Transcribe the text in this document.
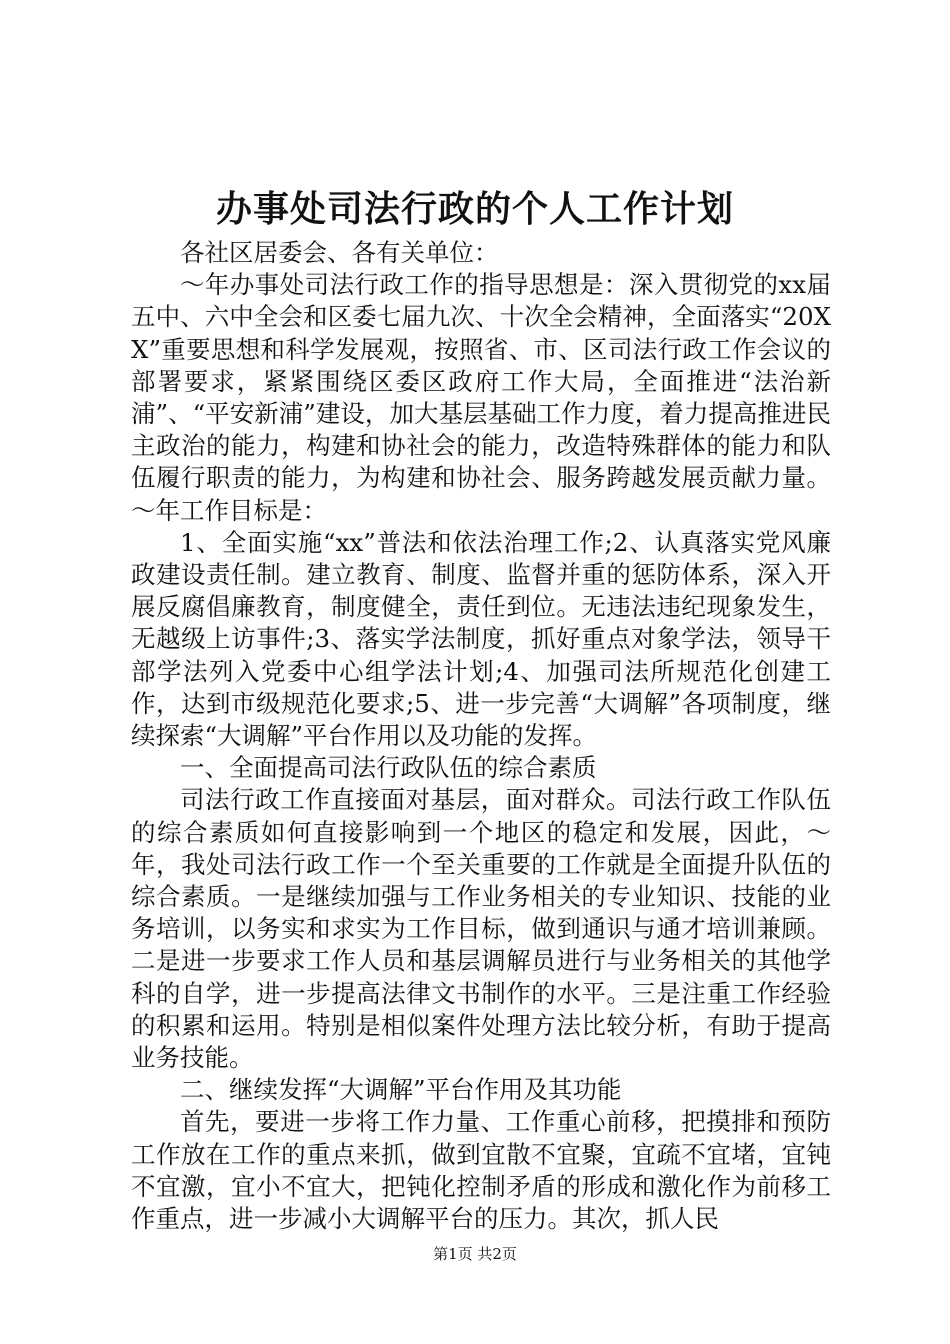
办事处司法行政的个人工作计划

各社区居委会、各有关单位：

～年办事处司法行政工作的指导思想是：深入贯彻党的xx届五中、六中全会和区委七届九次、十次全会精神，全面落实“20XX”重要思想和科学发展观，按照省、市、区司法行政工作会议的部署要求，紧紧围绕区委区政府工作大局，全面推进“法治新浦”、“平安新浦”建设，加大基层基础工作力度，着力提高推进民主政治的能力，构建和协社会的能力，改造特殊群体的能力和队伍履行职责的能力，为构建和协社会、服务跨越发展贡献力量。～年工作目标是：

1、全面实施“xx”普法和依法治理工作;2、认真落实党风廉政建设责任制。建立教育、制度、监督并重的惩防体系，深入开展反腐倡廉教育，制度健全，责任到位。无违法违纪现象发生，无越级上访事件;3、落实学法制度，抓好重点对象学法，领导干部学法列入党委中心组学法计划;4、加强司法所规范化创建工作，达到市级规范化要求;5、进一步完善“大调解”各项制度，继续探索“大调解”平台作用以及功能的发挥。

一、全面提高司法行政队伍的综合素质

司法行政工作直接面对基层，面对群众。司法行政工作队伍的综合素质如何直接影响到一个地区的稳定和发展，因此，～年，我处司法行政工作一个至关重要的工作就是全面提升队伍的综合素质。一是继续加强与工作业务相关的专业知识、技能的业务培训，以务实和求实为工作目标，做到通识与通才培训兼顾。二是进一步要求工作人员和基层调解员进行与业务相关的其他学科的自学，进一步提高法律文书制作的水平。三是注重工作经验的积累和运用。特别是相似案件处理方法比较分析，有助于提高业务技能。

二、继续发挥“大调解”平台作用及其功能

首先，要进一步将工作力量、工作重心前移，把摸排和预防工作放在工作的重点来抓，做到宜散不宜聚，宜疏不宜堵，宜钝不宜激，宜小不宜大，把钝化控制矛盾的形成和激化作为前移工作重点，进一步减小大调解平台的压力。其次，抓人民

第1页 共2页
